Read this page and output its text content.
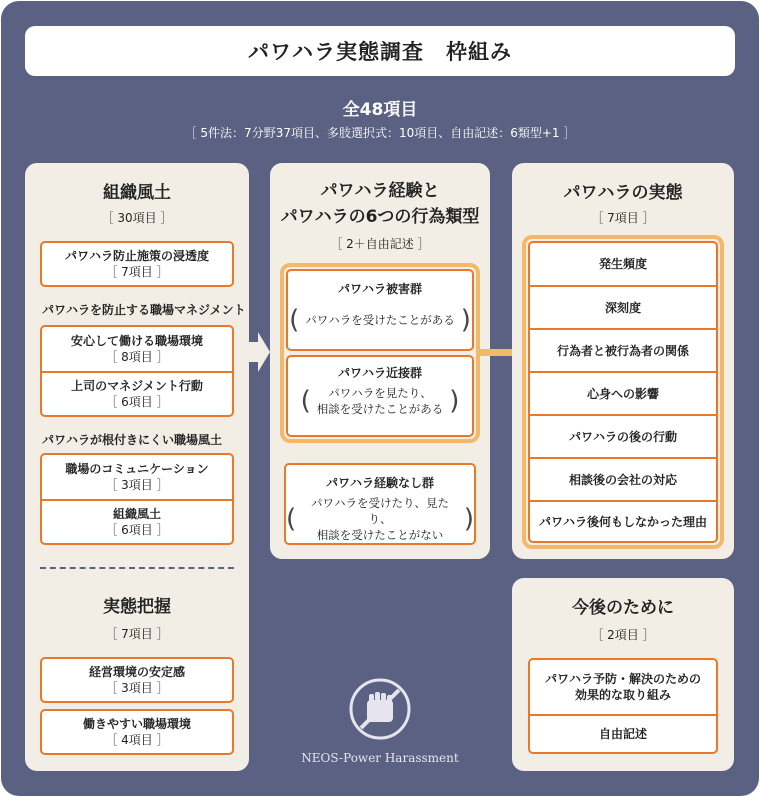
パワハラ実態調査　枠組み
全48項目
［ 5件法：7分野37項目、多肢選択式：10項目、自由記述：6類型+1 ］
組織風土
［ 30項目 ］
パワハラ防止施策の浸透度
［ 7項目 ］
パワハラを防止する職場マネジメント
安心して働ける職場環境
［ 8項目 ］
上司のマネジメント行動
［ 6項目 ］
パワハラが根付きにくい職場風土
職場のコミュニケーション
［ 3項目 ］
組織風土
［ 6項目 ］
実態把握
［ 7項目 ］
経営環境の安定感
［ 3項目 ］
働きやすい職場環境
［ 4項目 ］
パワハラ経験と
パワハラの6つの行為類型
［ 2＋自由記述 ］
パワハラ被害群
( パワハラを受けたことがある )
パワハラ近接群
(	パワハラを見たり、
相談を受けたことがある )
パワハラ経験なし群
(
パワハラを受けたり、見たり、
相談を受けたことがない
)
パワハラの実態
［ 7項目 ］
発生頻度
深刻度
行為者と被行為者の関係
心身への影響
パワハラの後の行動
相談後の会社の対応
パワハラ後何もしなかった理由
今後のために
［ 2項目 ］
パワハラ予防・解決のための
効果的な取り組み
自由記述
NEOS-Power Harassment
